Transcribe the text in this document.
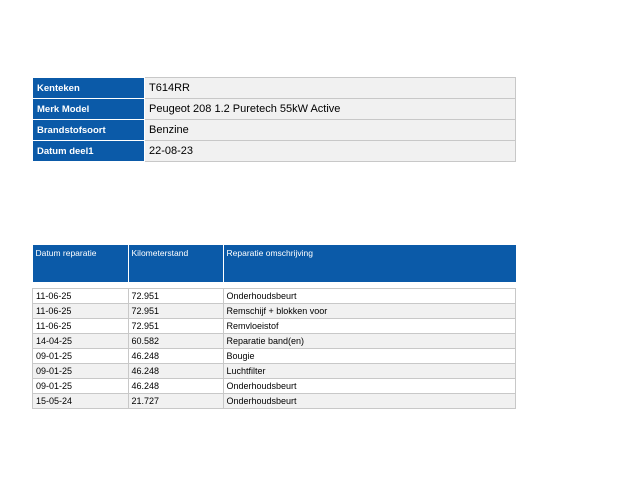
Kenteken	T614RR
Merk Model	Peugeot 208 1.2 Puretech 55kW Active
Brandstofsoort	Benzine
Datum deel1	22-08-23
Datum reparatie	Kilometerstand	Reparatie omschrijving

11-06-25	72.951	Onderhoudsbeurt
11-06-25	72.951	Remschijf + blokken voor
11-06-25	72.951	Remvloeistof
14-04-25	60.582	Reparatie band(en)
09-01-25	46.248	Bougie
09-01-25	46.248	Luchtfilter
09-01-25	46.248	Onderhoudsbeurt
15-05-24	21.727	Onderhoudsbeurt
